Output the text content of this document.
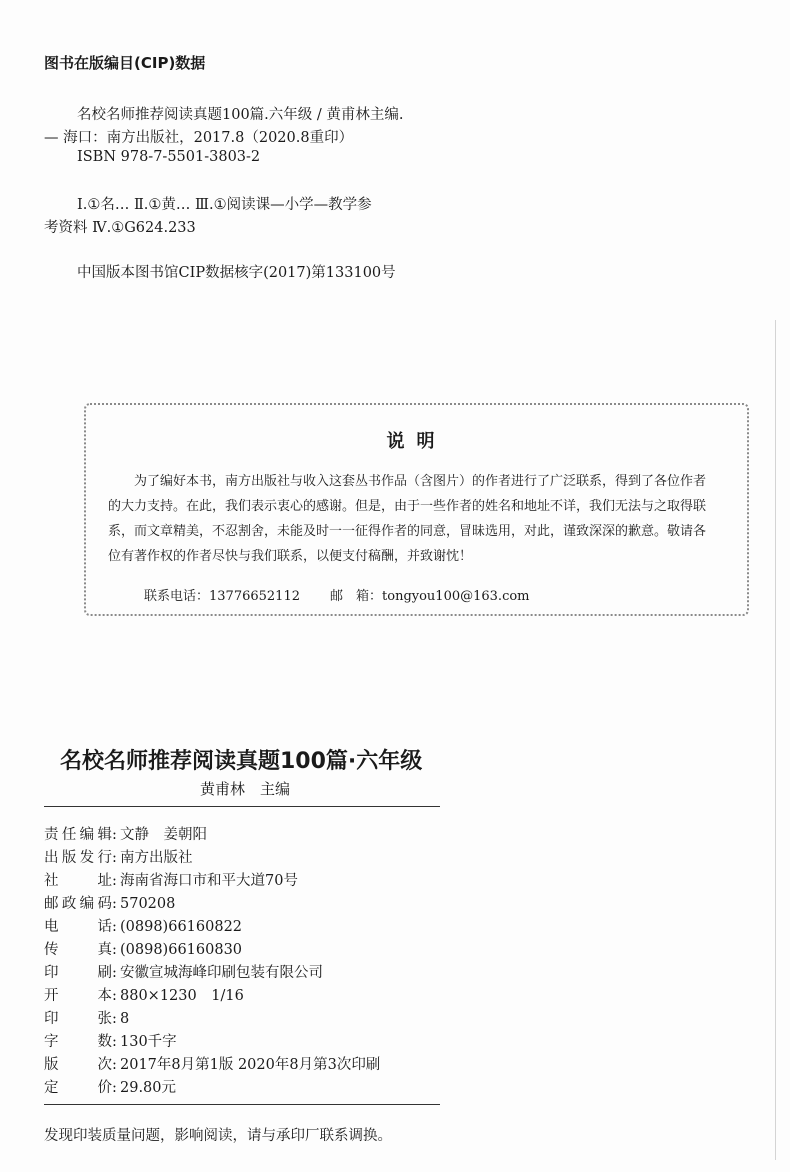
图书在版编目(CIP)数据
名校名师推荐阅读真题100篇.六年级 / 黄甫林主编.
— 海口：南方出版社，2017.8（2020.8重印）
ISBN 978-7-5501-3803-2
Ⅰ.①名… Ⅱ.①黄… Ⅲ.①阅读课—小学—教学参
考资料 Ⅳ.①G624.233
中国版本图书馆CIP数据核字(2017)第133100号
说明
为了编好本书，南方出版社与收入这套丛书作品（含图片）的作者进行了广泛联系，得到了各位作者
的大力支持。在此，我们表示衷心的感谢。但是，由于一些作者的姓名和地址不详，我们无法与之取得联
系，而文章精美，不忍割舍，未能及时一一征得作者的同意，冒昧选用，对此，谨致深深的歉意。敬请各
位有著作权的作者尽快与我们联系，以便支付稿酬，并致谢忱！
联系电话：13776652112 邮　箱：tongyou100@163.com
名校名师推荐阅读真题100篇·六年级
黄甫林　主编
责任编辑: 文静　姜朝阳
出版发行: 南方出版社
社址: 海南省海口市和平大道70号
邮政编码: 570208
电话: (0898)66160822
传真: (0898)66160830
印刷: 安徽宣城海峰印刷包装有限公司
开本: 880×1230　1/16
印张: 8
字数: 130千字
版次: 2017年8月第1版 2020年8月第3次印刷
定价: 29.80元
发现印装质量问题，影响阅读，请与承印厂联系调换。
